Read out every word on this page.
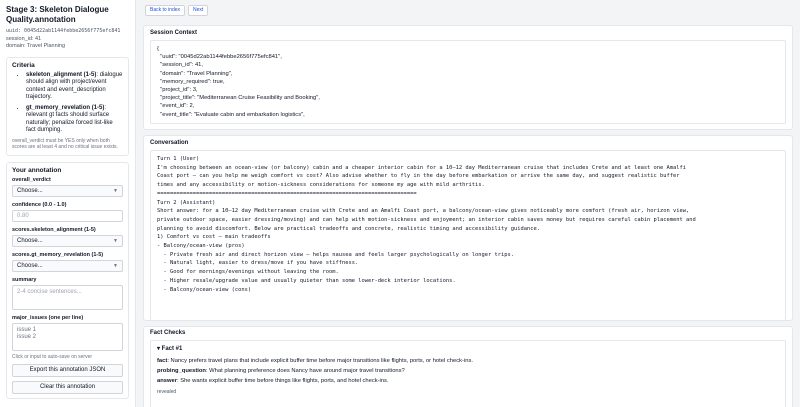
Stage 3: Skeleton Dialogue
Quality.annotation
uuid: 0045d22ab1144febbe2656f775efc841
session_id: 41
domain: Travel Planning
Criteria
• skeleton_alignment (1-5): dialogue should align with project/event context and event_description trajectory.
• gt_memory_revelation (1-5): relevant gt facts should surface naturally; penalize forced list-like fact dumping.
overall_verdict must be YES only when both scores are at least 4 and no critical issue exists.
Your annotation
overall_verdict
Choose...	▼
confidence (0.0 - 1.0)
0.80
scores.skeleton_alignment (1-5)
Choose...	▼
scores.gt_memory_revelation (1-5)
Choose...	▼
summary
2-4 concise sentences...
major_issues (one per line)
issue 1
issue 2
Click or input to auto-save on server
Export this annotation JSON
Clear this annotation
Back to index	Next
Session Context
{
"uuid": "0045d22ab1144febbe2656f775efc841",
"session_id": 41,
"domain": "Travel Planning",
"memory_required": true,
"project_id": 3,
"project_title": "Mediterranean Cruise Feasibility and Booking",
"event_id": 2,
"event_title": "Evaluate cabin and embarkation logistics",
Conversation
Turn 1 (User)
I'm choosing between an ocean-view (or balcony) cabin and a cheaper interior cabin for a 10–12 day Mediterranean cruise that includes Crete and at least one Amalfi
Coast port — can you help me weigh comfort vs cost? Also advise whether to fly in the day before embarkation or arrive the same day, and suggest realistic buffer
times and any accessibility or motion-sickness considerations for someone my age with mild arthritis.
================================================================================
Turn 2 (Assistant)
Short answer: for a 10–12 day Mediterranean cruise with Crete and an Amalfi Coast port, a balcony/ocean-view gives noticeably more comfort (fresh air, horizon view,
private outdoor space, easier dressing/moving) and can help with motion-sickness and enjoyment; an interior cabin saves money but requires careful cabin placement and
planning to avoid discomfort. Below are practical tradeoffs and concrete, realistic timing and accessibility guidance.
1) Comfort vs cost — main tradeoffs
- Balcony/ocean-view (pros)
- Private fresh air and direct horizon view — helps nausea and feels larger psychologically on longer trips.
- Natural light, easier to dress/move if you have stiffness.
- Good for mornings/evenings without leaving the room.
- Higher resale/upgrade value and usually quieter than some lower-deck interior locations.
- Balcony/ocean-view (cons)
Fact Checks
▾ Fact #1
fact: Nancy prefers travel plans that include explicit buffer time before major transitions like flights, ports, or hotel check-ins.
probing_question: What planning preference does Nancy have around major travel transitions?
answer: She wants explicit buffer time before things like flights, ports, and hotel check-ins.
revealed
